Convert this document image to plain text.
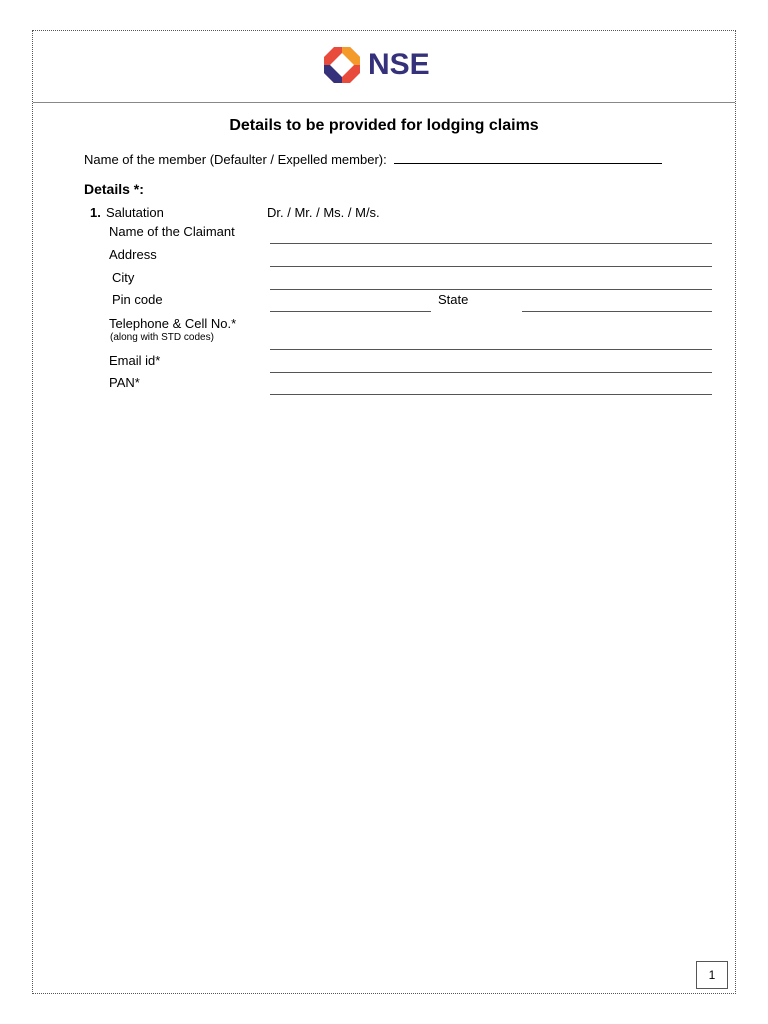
NSE
Details to be provided for lodging claims
Name of the member (Defaulter / Expelled member):
Details *:
1. Salutation	Dr. / Mr. / Ms. / M/s.
Name of the Claimant
Address
City
Pin code	State
Telephone & Cell No.*
(along with STD codes)
Email id*
PAN*
1
